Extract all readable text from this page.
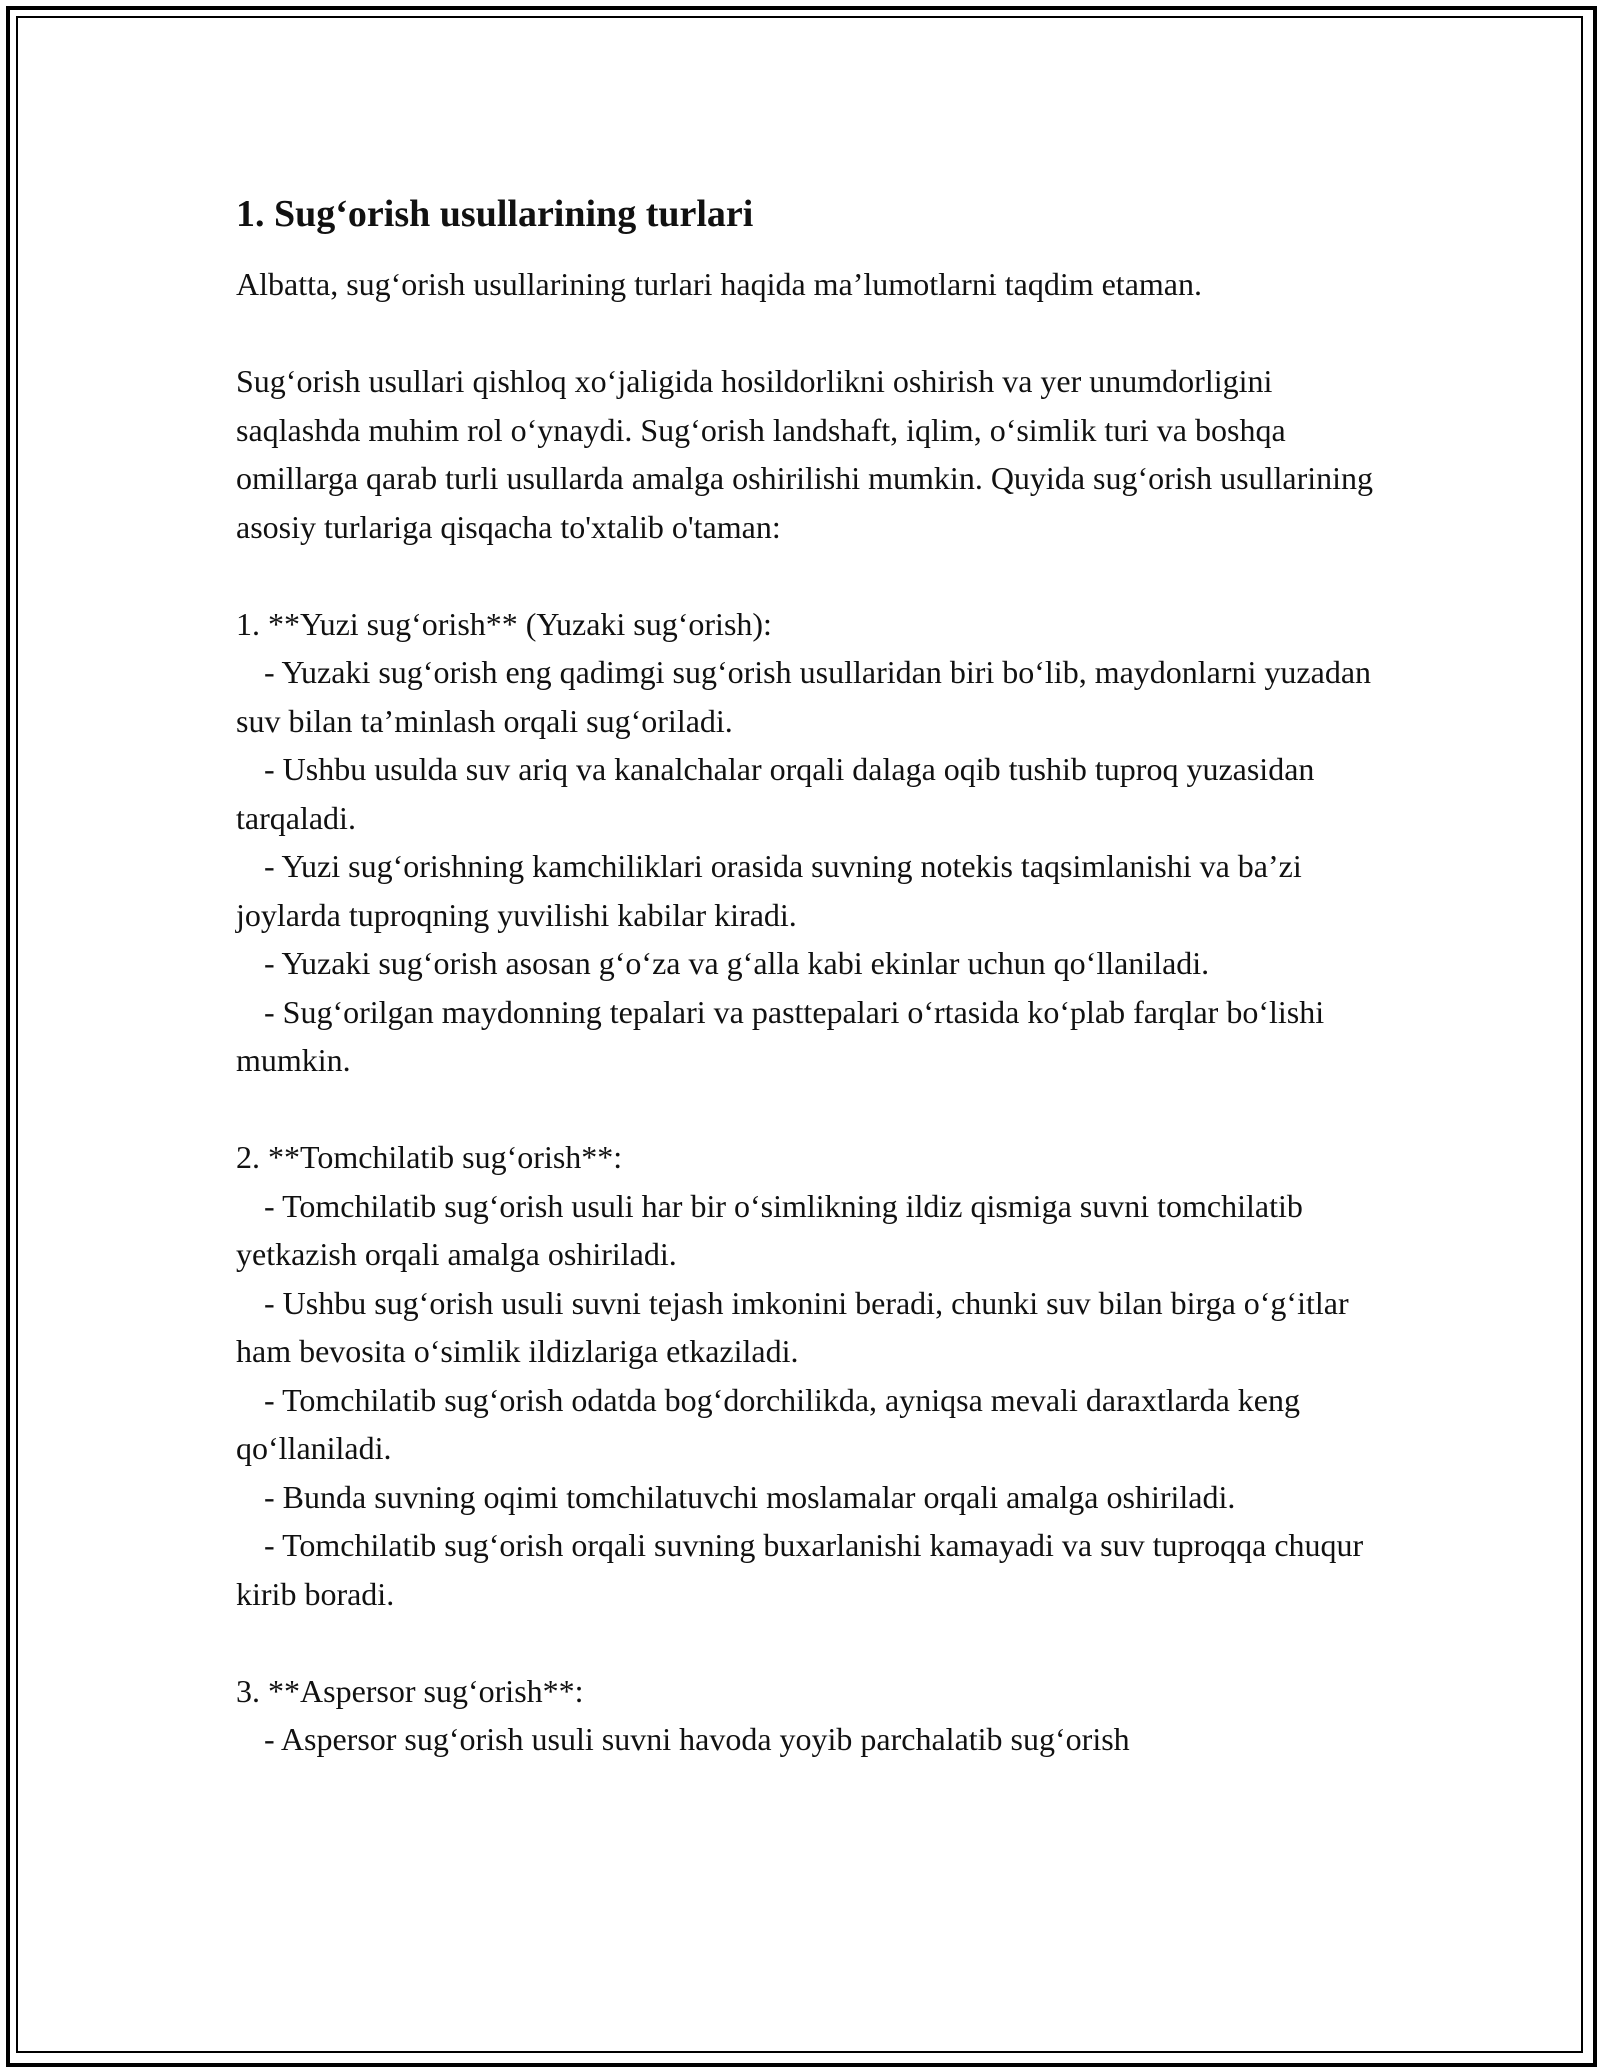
1. Sug‘orish usullarining turlari

Albatta, sug‘orish usullarining turlari haqida ma’lumotlarni taqdim etaman.

Sug‘orish usullari qishloq xo‘jaligida hosildorlikni oshirish va yer unumdorligini saqlashda muhim rol o‘ynaydi. Sug‘orish landshaft, iqlim, o‘simlik turi va boshqa omillarga qarab turli usullarda amalga oshirilishi mumkin. Quyida sug‘orish usullarining asosiy turlariga qisqacha to'xtalib o'taman:

1. **Yuzi sug‘orish** (Yuzaki sug‘orish):

- Yuzaki sug‘orish eng qadimgi sug‘orish usullaridan biri bo‘lib, maydonlarni yuzadan suv bilan ta’minlash orqali sug‘oriladi.

- Ushbu usulda suv ariq va kanalchalar orqali dalaga oqib tushib tuproq yuzasidan tarqaladi.

- Yuzi sug‘orishning kamchiliklari orasida suvning notekis taqsimlanishi va ba’zi joylarda tuproqning yuvilishi kabilar kiradi.

- Yuzaki sug‘orish asosan g‘o‘za va g‘alla kabi ekinlar uchun qo‘llaniladi.

- Sug‘orilgan maydonning tepalari va pasttepalari o‘rtasida ko‘plab farqlar bo‘lishi mumkin.

2. **Tomchilatib sug‘orish**:

- Tomchilatib sug‘orish usuli har bir o‘simlikning ildiz qismiga suvni tomchilatib yetkazish orqali amalga oshiriladi.

- Ushbu sug‘orish usuli suvni tejash imkonini beradi, chunki suv bilan birga o‘g‘itlar ham bevosita o‘simlik ildizlariga etkaziladi.

- Tomchilatib sug‘orish odatda bog‘dorchilikda, ayniqsa mevali daraxtlarda keng qo‘llaniladi.

- Bunda suvning oqimi tomchilatuvchi moslamalar orqali amalga oshiriladi.

- Tomchilatib sug‘orish orqali suvning buxarlanishi kamayadi va suv tuproqqa chuqur kirib boradi.

3. **Aspersor sug‘orish**:

- Aspersor sug‘orish usuli suvni havoda yoyib parchalatib sug‘orish
